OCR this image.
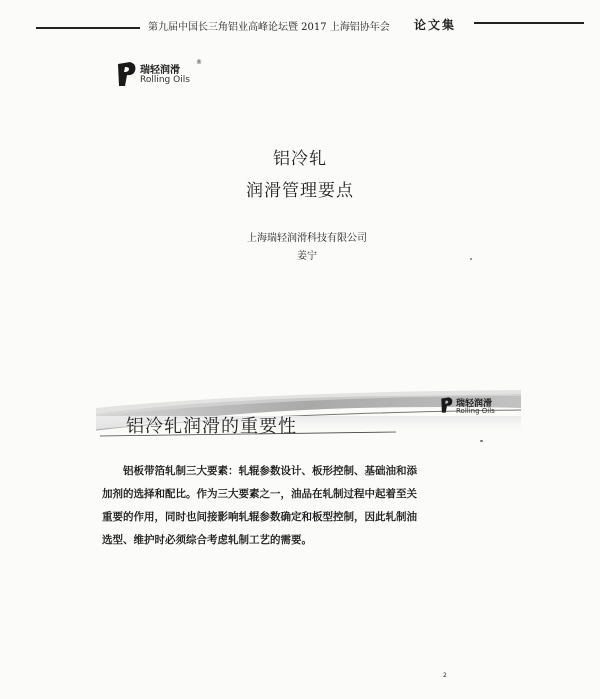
第九届中国长三角铝业高峰论坛暨 2017 上海铝协年会 论文集
瑞轻润滑
®
Rolling Oils
铝冷轧
润滑管理要点
上海瑞轻润滑科技有限公司
姜宁
铝冷轧润滑的重要性
瑞轻润滑
Rolling Oils
铝板带箔轧制三大要素：轧辊参数设计、板形控制、基础油和添
加剂的选择和配比。作为三大要素之一，油品在轧制过程中起着至关
重要的作用，同时也间接影响轧辊参数确定和板型控制，因此轧制油
选型、维护时必须综合考虑轧制工艺的需要。
2
